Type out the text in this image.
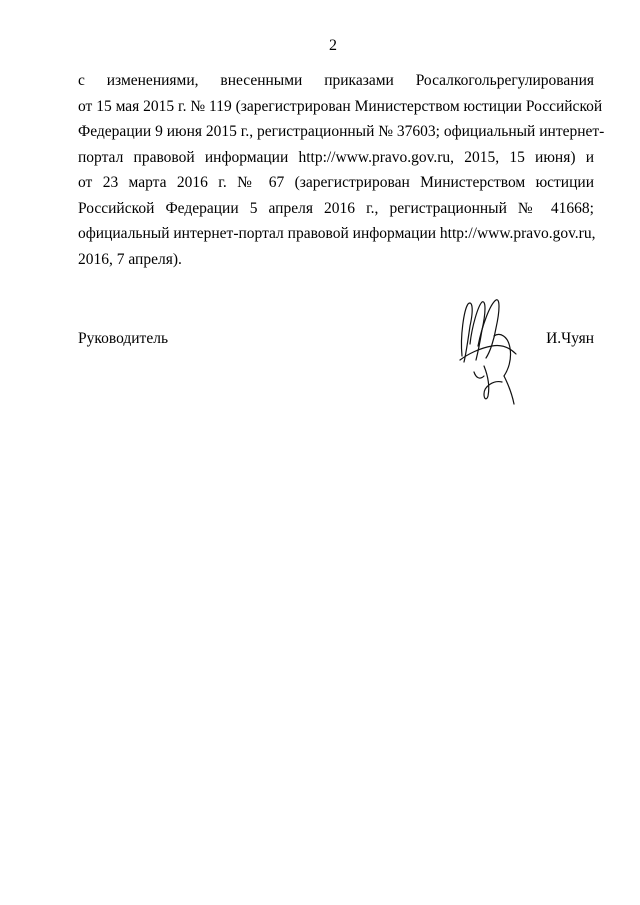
2
с изменениями, внесенными приказами Росалкогольрегулирования
от 15 мая 2015 г. № 119 (зарегистрирован Министерством юстиции Российской
Федерации 9 июня 2015 г., регистрационный № 37603; официальный интернет-
портал правовой информации http://www.pravo.gov.ru, 2015, 15 июня) и
от 23 марта 2016 г. № 67 (зарегистрирован Министерством юстиции
Российской Федерации 5 апреля 2016 г., регистрационный № 41668;
официальный интернет-портал правовой информации http://www.pravo.gov.ru,
2016, 7 апреля).
Руководитель	И.Чуян
